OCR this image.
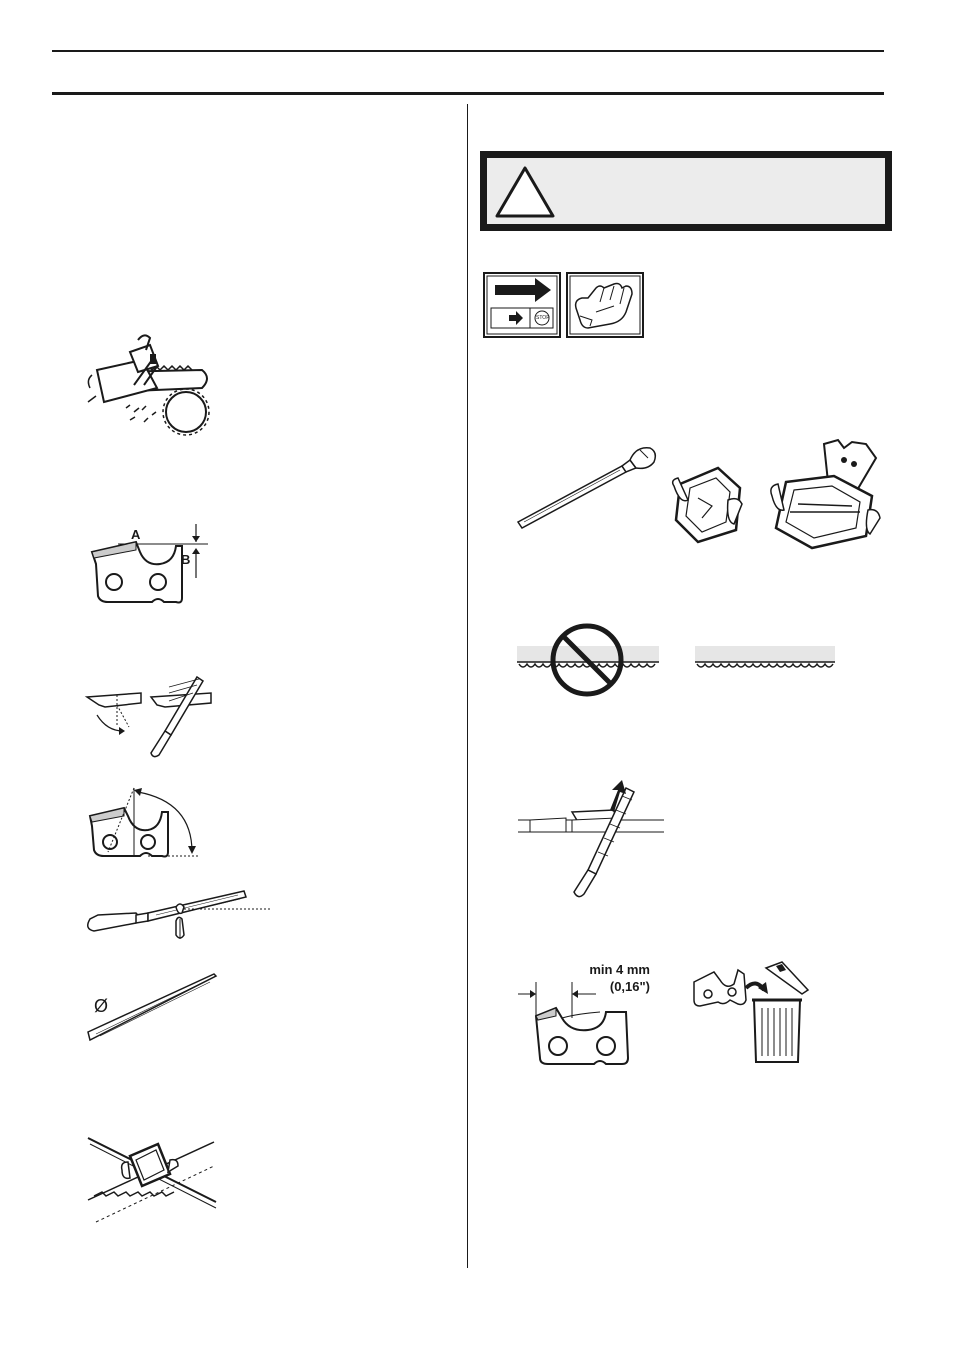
A
B
Ø
STOP
min 4 mm
(0,16")
